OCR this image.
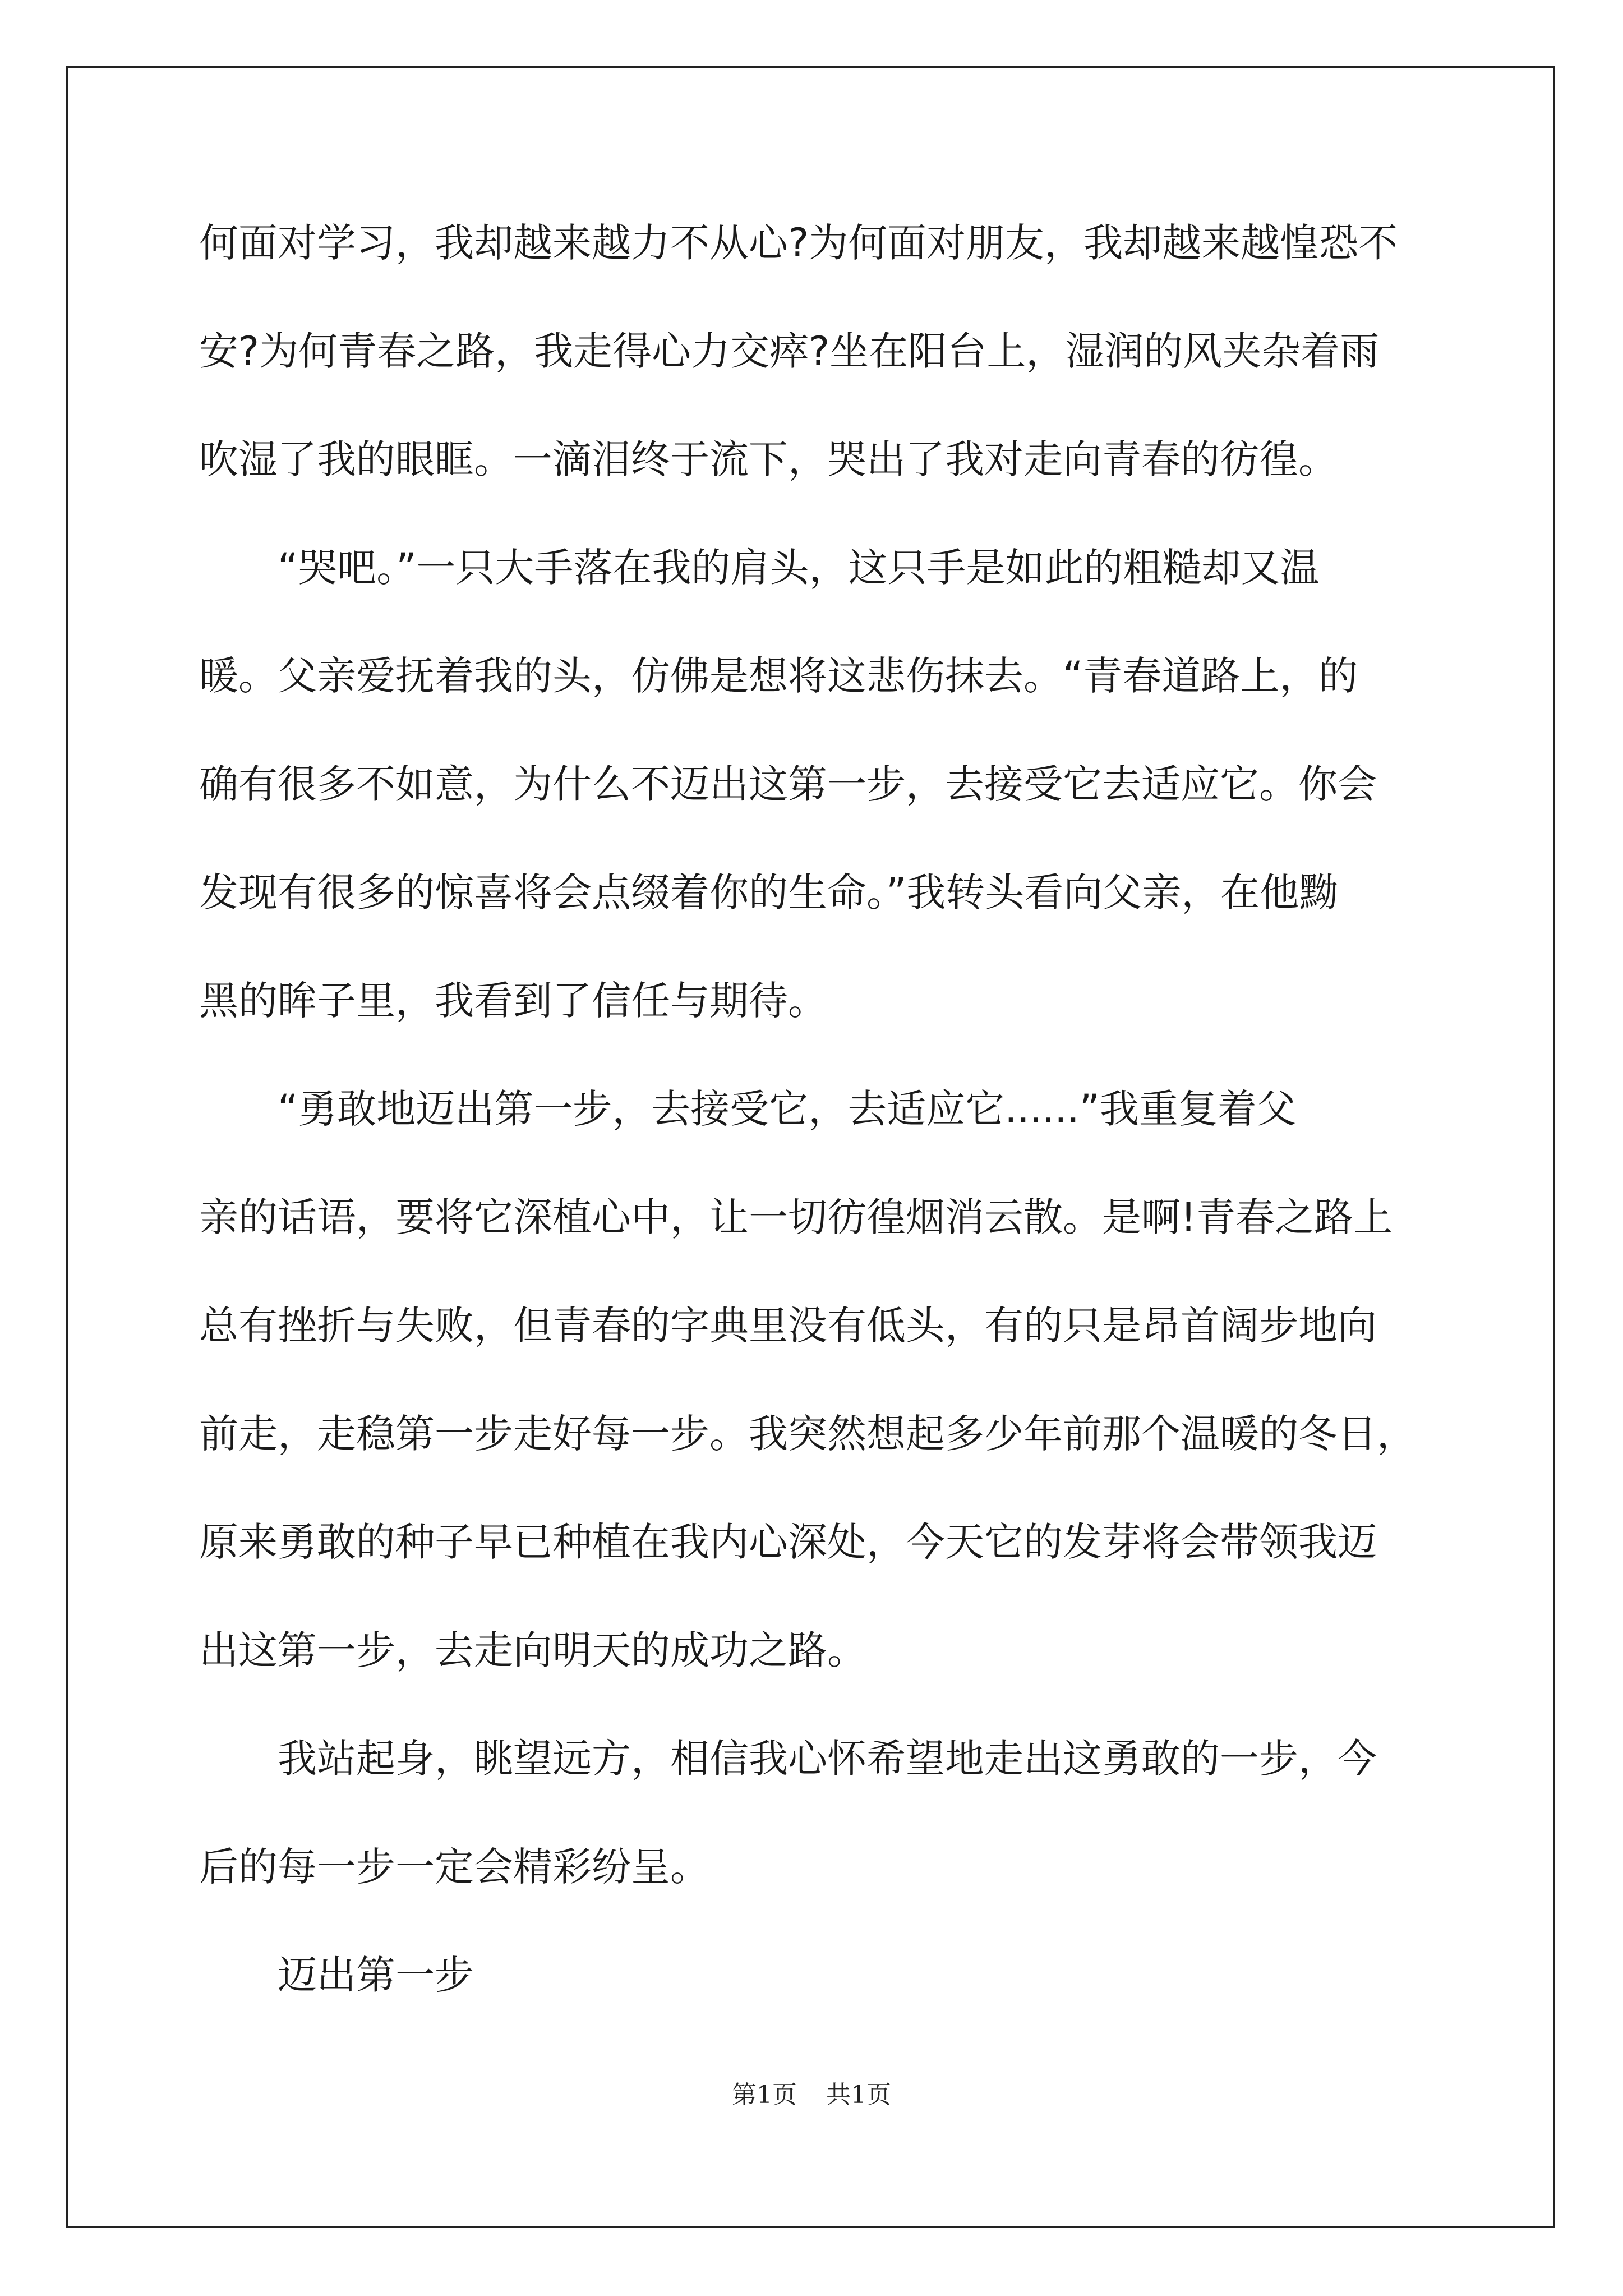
何面对学习，我却越来越力不从心?为何面对朋友，我却越来越惶恐不
安?为何青春之路，我走得心力交瘁?坐在阳台上，湿润的风夹杂着雨
吹湿了我的眼眶。一滴泪终于流下，哭出了我对走向青春的彷徨。
“哭吧。”一只大手落在我的肩头，这只手是如此的粗糙却又温
暖。父亲爱抚着我的头，仿佛是想将这悲伤抹去。“青春道路上，的
确有很多不如意，为什么不迈出这第一步，去接受它去适应它。你会
发现有很多的惊喜将会点缀着你的生命。”我转头看向父亲，在他黝
黑的眸子里，我看到了信任与期待。
“勇敢地迈出第一步，去接受它，去适应它......”我重复着父
亲的话语，要将它深植心中，让一切彷徨烟消云散。是啊!青春之路上
总有挫折与失败，但青春的字典里没有低头，有的只是昂首阔步地向
前走，走稳第一步走好每一步。我突然想起多少年前那个温暖的冬日，
原来勇敢的种子早已种植在我内心深处，今天它的发芽将会带领我迈
出这第一步，去走向明天的成功之路。
我站起身，眺望远方，相信我心怀希望地走出这勇敢的一步，今
后的每一步一定会精彩纷呈。
迈出第一步
第1页 共1页
